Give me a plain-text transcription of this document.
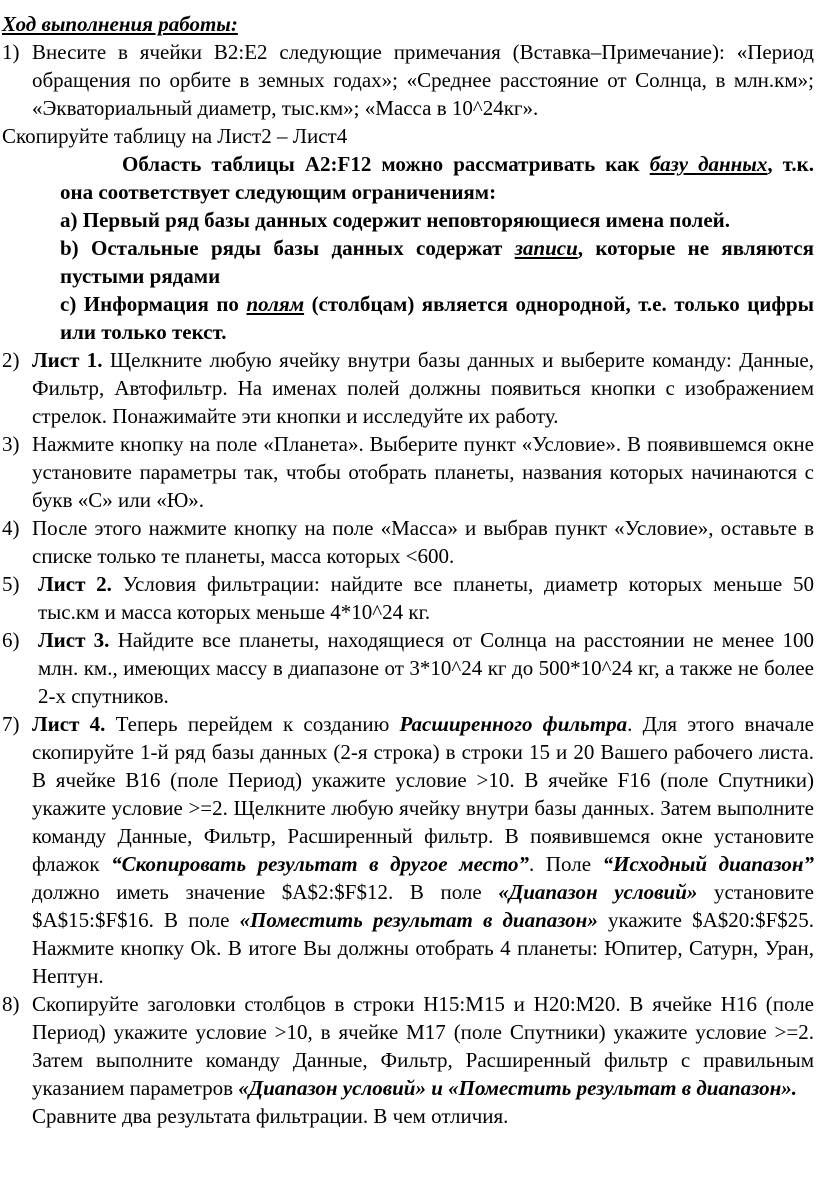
Ход выполнения работы:

1) Внесите в ячейки В2:Е2 следующие примечания (Вставка–Примечание): «Период обращения по орбите в земных годах»; «Среднее расстояние от Солнца, в млн.км»; «Экваториальный диаметр, тыс.км»; «Масса в 10^24кг».

Скопируйте таблицу на Лист2 – Лист4

Область таблицы А2:F12 можно рассматривать как базу данных, т.к. она соответствует следующим ограничениям:

а) Первый ряд базы данных содержит неповторяющиеся имена полей.

b) Остальные ряды базы данных содержат записи, которые не являются пустыми рядами

c) Информация по полям (столбцам) является однородной, т.е. только цифры или только текст.

2) Лист 1. Щелкните любую ячейку внутри базы данных и выберите команду: Данные, Фильтр, Автофильтр. На именах полей должны появиться кнопки с изображением стрелок. Понажимайте эти кнопки и исследуйте их работу.
3) Нажмите кнопку на поле «Планета». Выберите пункт «Условие». В появившемся окне установите параметры так, чтобы отобрать планеты, названия которых начинаются с букв «С» или «Ю».
4) После этого нажмите кнопку на поле «Масса» и выбрав пункт «Условие», оставьте в списке только те планеты, масса которых <600.
5) Лист 2. Условия фильтрации: найдите все планеты, диаметр которых меньше 50 тыс.км и масса которых меньше 4*10^24 кг.
6) Лист 3. Найдите все планеты, находящиеся от Солнца на расстоянии не менее 100 млн. км., имеющих массу в диапазоне от 3*10^24 кг до 500*10^24 кг, а также не более 2-х спутников.
7) Лист 4. Теперь перейдем к созданию Расширенного фильтра. Для этого вначале скопируйте 1-й ряд базы данных (2-я строка) в строки 15 и 20 Вашего рабочего листа. В ячейке В16 (поле Период) укажите условие >10. В ячейке F16 (поле Спутники) укажите условие >=2. Щелкните любую ячейку внутри базы данных. Затем выполните команду Данные, Фильтр, Расширенный фильтр. В появившемся окне установите флажок “Скопировать результат в другое место”. Поле “Исходный диапазон” должно иметь значение $A$2:$F$12. В поле «Диапазон условий» установите $A$15:$F$16. В поле «Поместить результат в диапазон» укажите $A$20:$F$25. Нажмите кнопку Ok. В итоге Вы должны отобрать 4 планеты: Юпитер, Сатурн, Уран, Нептун.
8) Скопируйте заголовки столбцов в строки H15:M15 и H20:M20. В ячейке H16 (поле Период) укажите условие >10, в ячейке M17 (поле Спутники) укажите условие >=2. Затем выполните команду Данные, Фильтр, Расширенный фильтр с правильным указанием параметров «Диапазон условий» и «Поместить результат в диапазон».

Сравните два результата фильтрации. В чем отличия.
